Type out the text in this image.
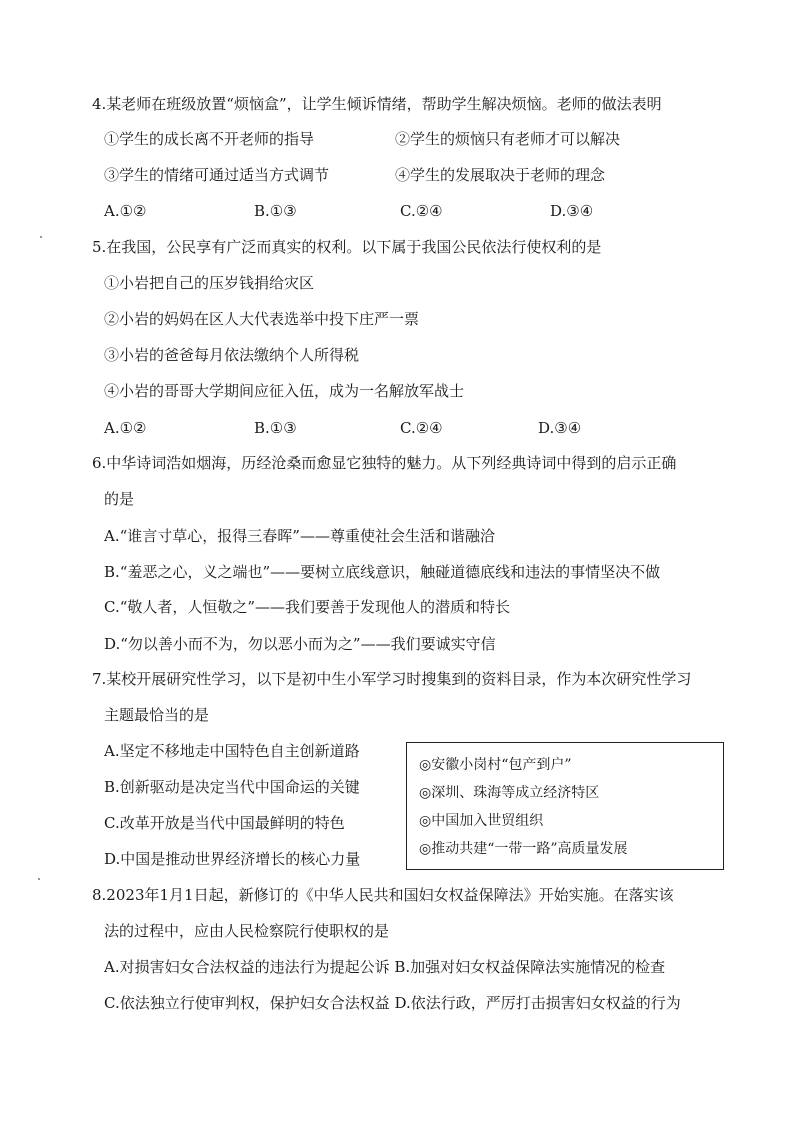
4.某老师在班级放置“烦恼盒”，让学生倾诉情绪，帮助学生解决烦恼。老师的做法表明
①学生的成长离不开老师的指导	②学生的烦恼只有老师才可以解决
③学生的情绪可通过适当方式调节	④学生的发展取决于老师的理念
A.①②	B.①③	C.②④	D.③④
5.在我国，公民享有广泛而真实的权利。以下属于我国公民依法行使权利的是
①小岩把自己的压岁钱捐给灾区
②小岩的妈妈在区人大代表选举中投下庄严一票
③小岩的爸爸每月依法缴纳个人所得税
④小岩的哥哥大学期间应征入伍，成为一名解放军战士
A.①②	B.①③	C.②④	D.③④
6.中华诗词浩如烟海，历经沧桑而愈显它独特的魅力。从下列经典诗词中得到的启示正确
的是
A.“谁言寸草心，报得三春晖”——尊重使社会生活和谐融洽
B.“羞恶之心，义之端也”——要树立底线意识，触碰道德底线和违法的事情坚决不做
C.“敬人者，人恒敬之”——我们要善于发现他人的潜质和特长
D.“勿以善小而不为，勿以恶小而为之”——我们要诚实守信
7.某校开展研究性学习，以下是初中生小军学习时搜集到的资料目录，作为本次研究性学习
主题最恰当的是
A.坚定不移地走中国特色自主创新道路
B.创新驱动是决定当代中国命运的关键
C.改革开放是当代中国最鲜明的特色
D.中国是推动世界经济增长的核心力量
◎安徽小岗村“包产到户”
◎深圳、珠海等成立经济特区
◎中国加入世贸组织
◎推动共建“一带一路”高质量发展
8.2023年1月1日起，新修订的《中华人民共和国妇女权益保障法》开始实施。在落实该
法的过程中，应由人民检察院行使职权的是
A.对损害妇女合法权益的违法行为提起公诉 B.加强对妇女权益保障法实施情况的检查
C.依法独立行使审判权，保护妇女合法权益 D.依法行政，严厉打击损害妇女权益的行为
